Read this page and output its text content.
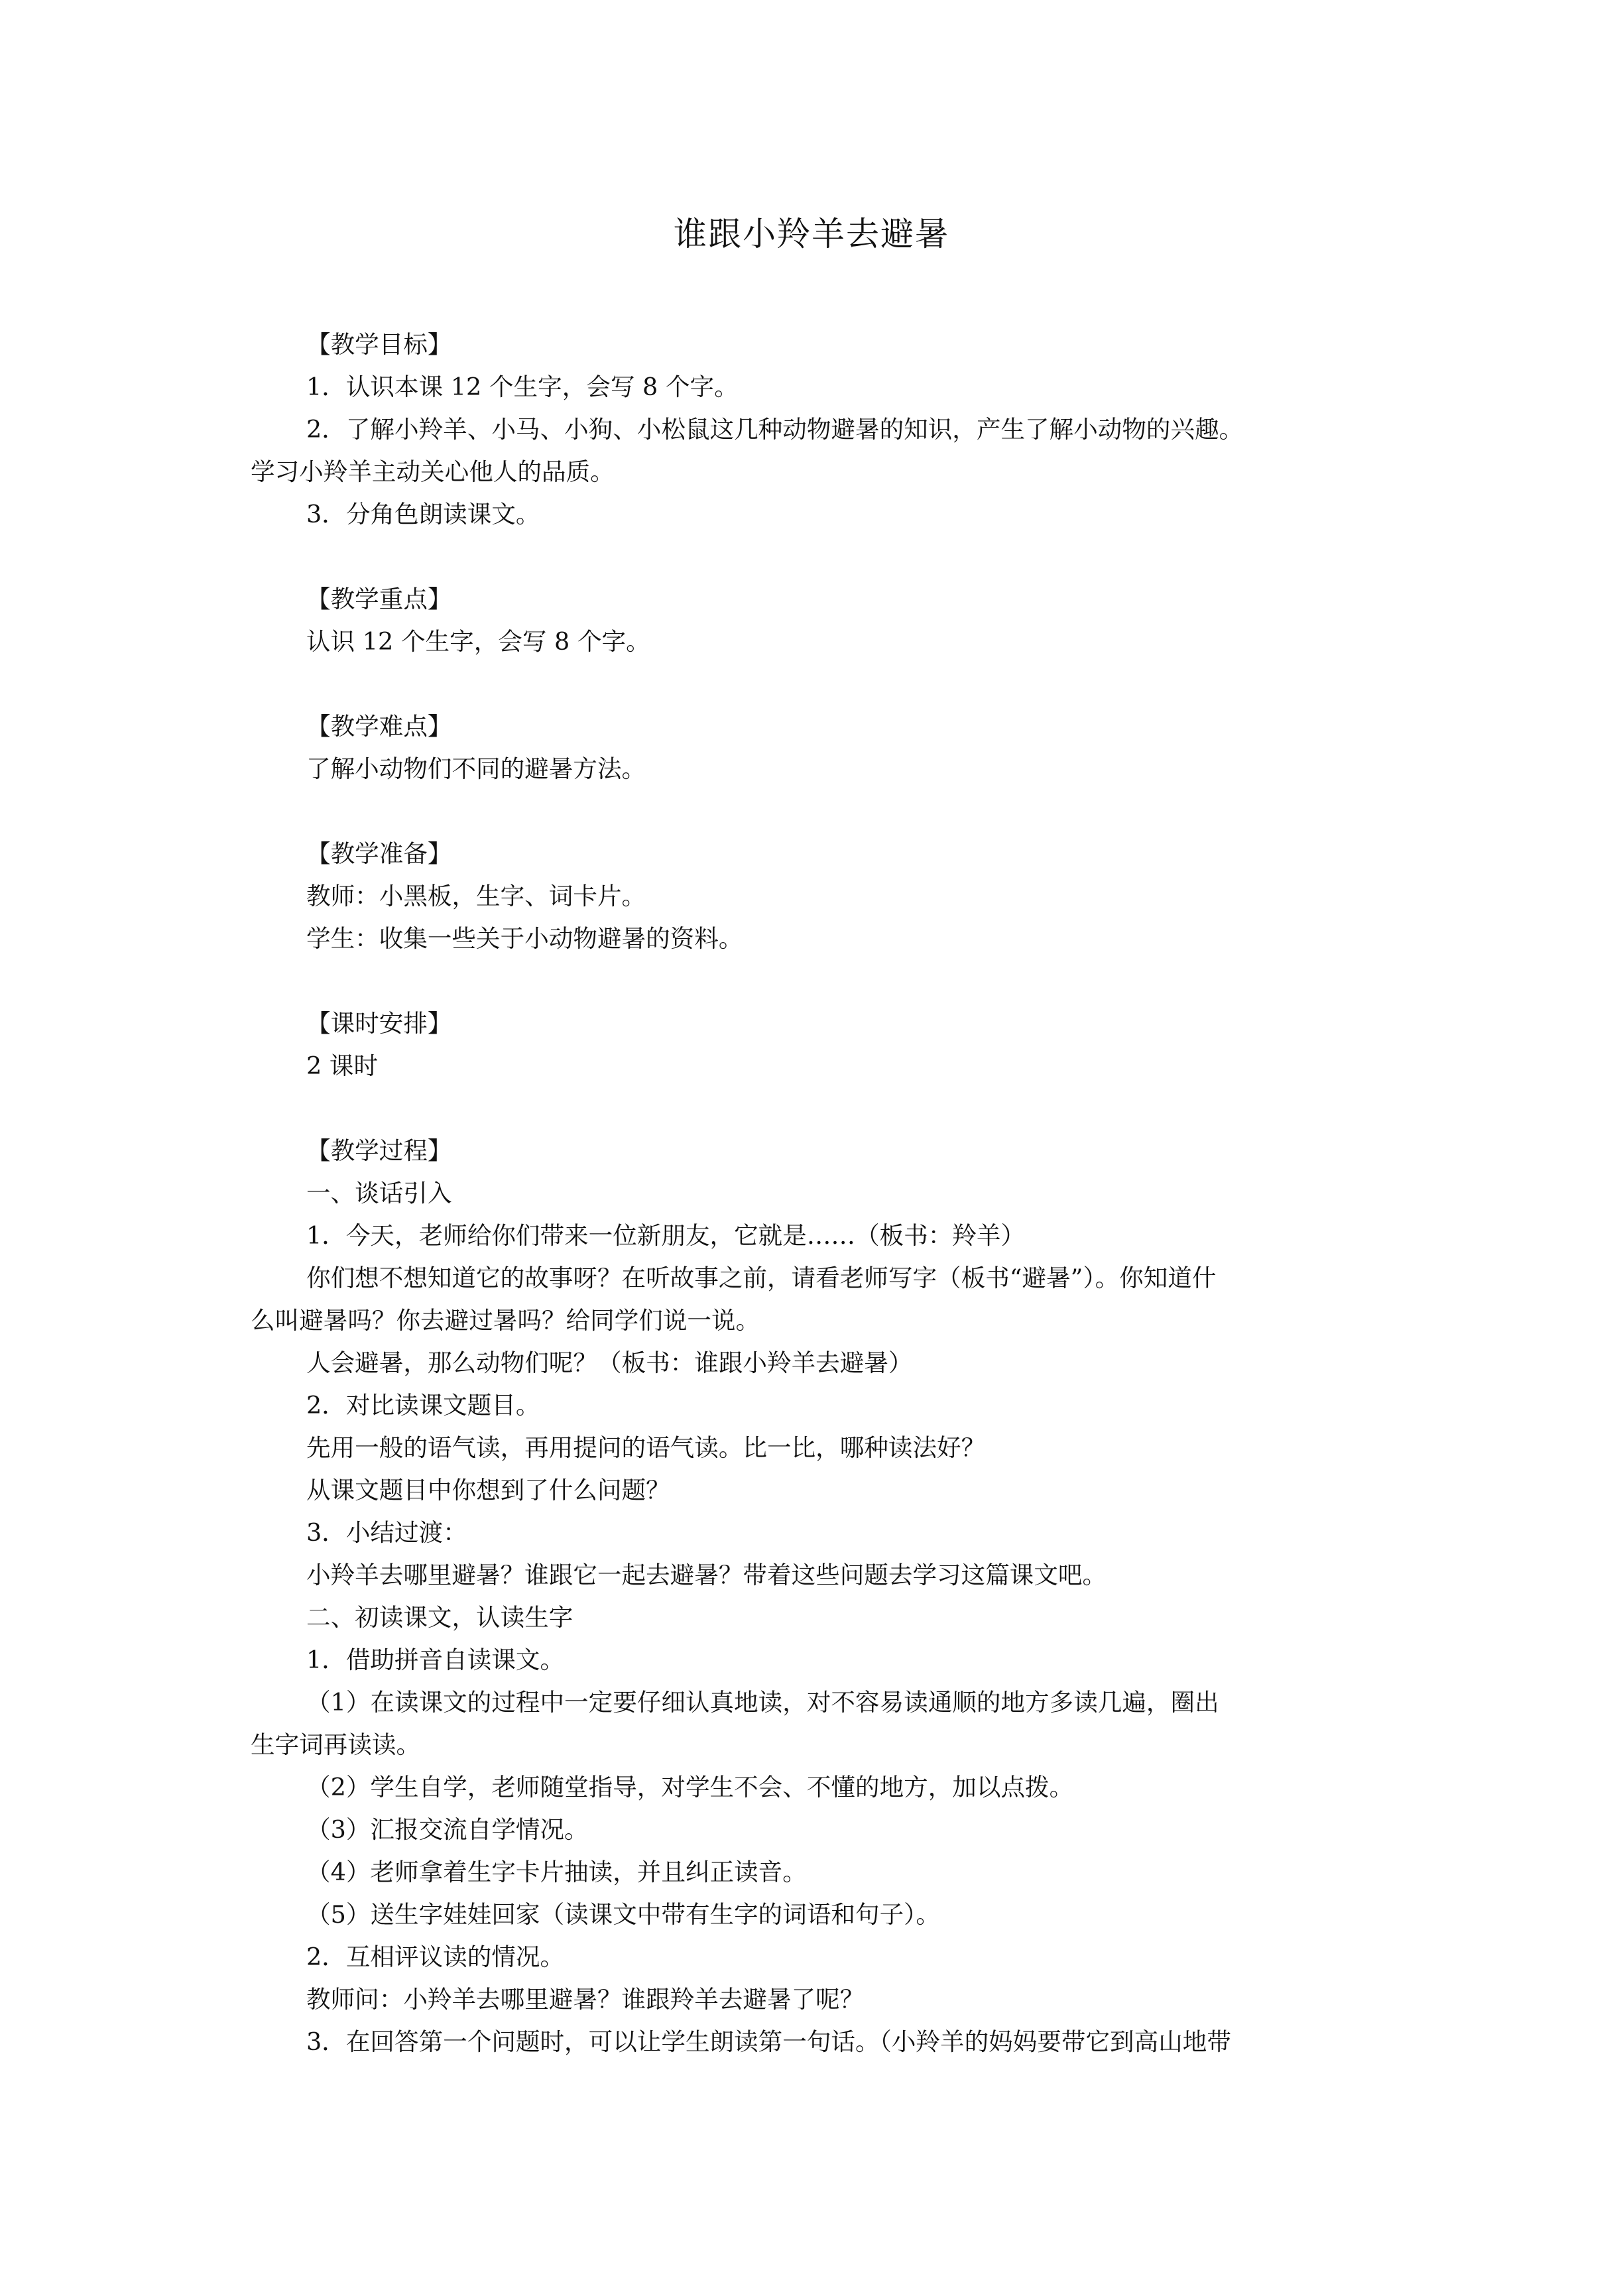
谁跟小羚羊去避暑
【教学目标】
1．认识本课 12 个生字，会写 8 个字。
2．了解小羚羊、小马、小狗、小松鼠这几种动物避暑的知识，产生了解小动物的兴趣。
学习小羚羊主动关心他人的品质。
3．分角色朗读课文。
【教学重点】
认识 12 个生字，会写 8 个字。
【教学难点】
了解小动物们不同的避暑方法。
【教学准备】
教师：小黑板，生字、词卡片。
学生：收集一些关于小动物避暑的资料。
【课时安排】
2 课时
【教学过程】
一、谈话引入
1．今天，老师给你们带来一位新朋友，它就是……（板书：羚羊）
你们想不想知道它的故事呀？在听故事之前，请看老师写字（板书“避暑”）。你知道什
么叫避暑吗？你去避过暑吗？给同学们说一说。
人会避暑，那么动物们呢？（板书：谁跟小羚羊去避暑）
2．对比读课文题目。
先用一般的语气读，再用提问的语气读。比一比，哪种读法好？
从课文题目中你想到了什么问题？
3．小结过渡：
小羚羊去哪里避暑？谁跟它一起去避暑？带着这些问题去学习这篇课文吧。
二、初读课文，认读生字
1．借助拼音自读课文。
（1）在读课文的过程中一定要仔细认真地读，对不容易读通顺的地方多读几遍，圈出
生字词再读读。
（2）学生自学，老师随堂指导，对学生不会、不懂的地方，加以点拨。
（3）汇报交流自学情况。
（4）老师拿着生字卡片抽读，并且纠正读音。
（5）送生字娃娃回家（读课文中带有生字的词语和句子）。
2．互相评议读的情况。
教师问：小羚羊去哪里避暑？谁跟羚羊去避暑了呢？
3．在回答第一个问题时，可以让学生朗读第一句话。（小羚羊的妈妈要带它到高山地带
